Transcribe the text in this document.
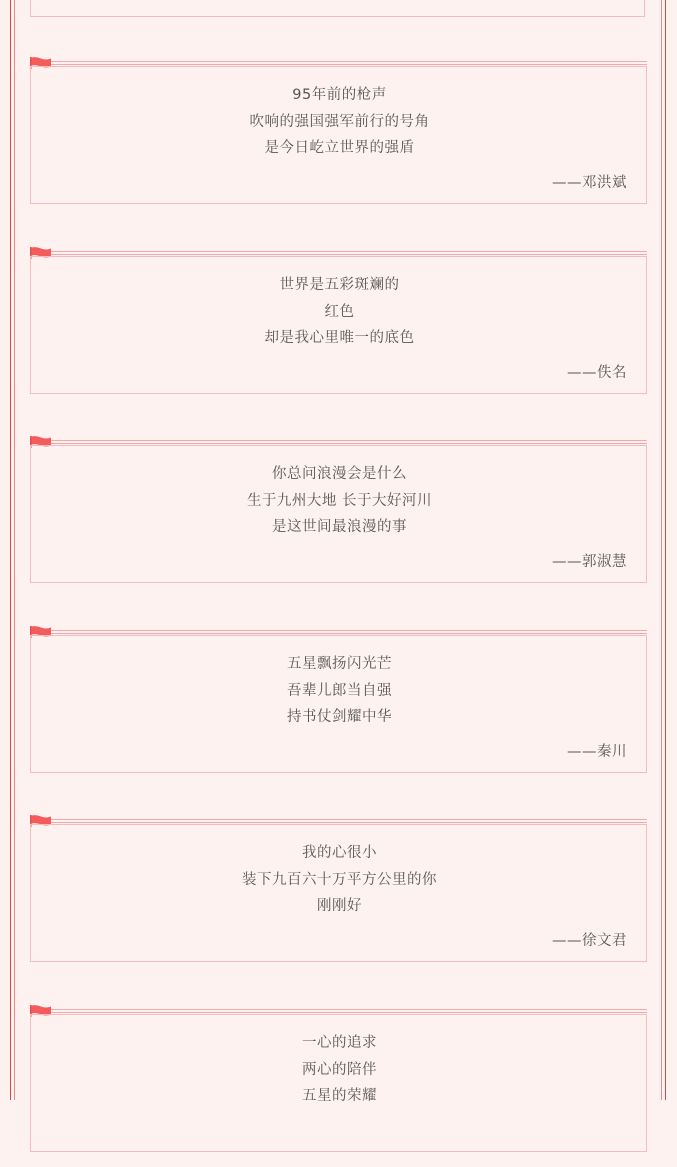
95年前的枪声
吹响的强国强军前行的号角
是今日屹立世界的强盾
——邓洪斌
世界是五彩斑斓的
红色
却是我心里唯一的底色
——佚名
你总问浪漫会是什么
生于九州大地 长于大好河川
是这世间最浪漫的事
——郭淑慧
五星飘扬闪光芒
吾辈儿郎当自强
持书仗剑耀中华
——秦川
我的心很小
装下九百六十万平方公里的你
刚刚好
——徐文君
一心的追求
两心的陪伴
五星的荣耀
